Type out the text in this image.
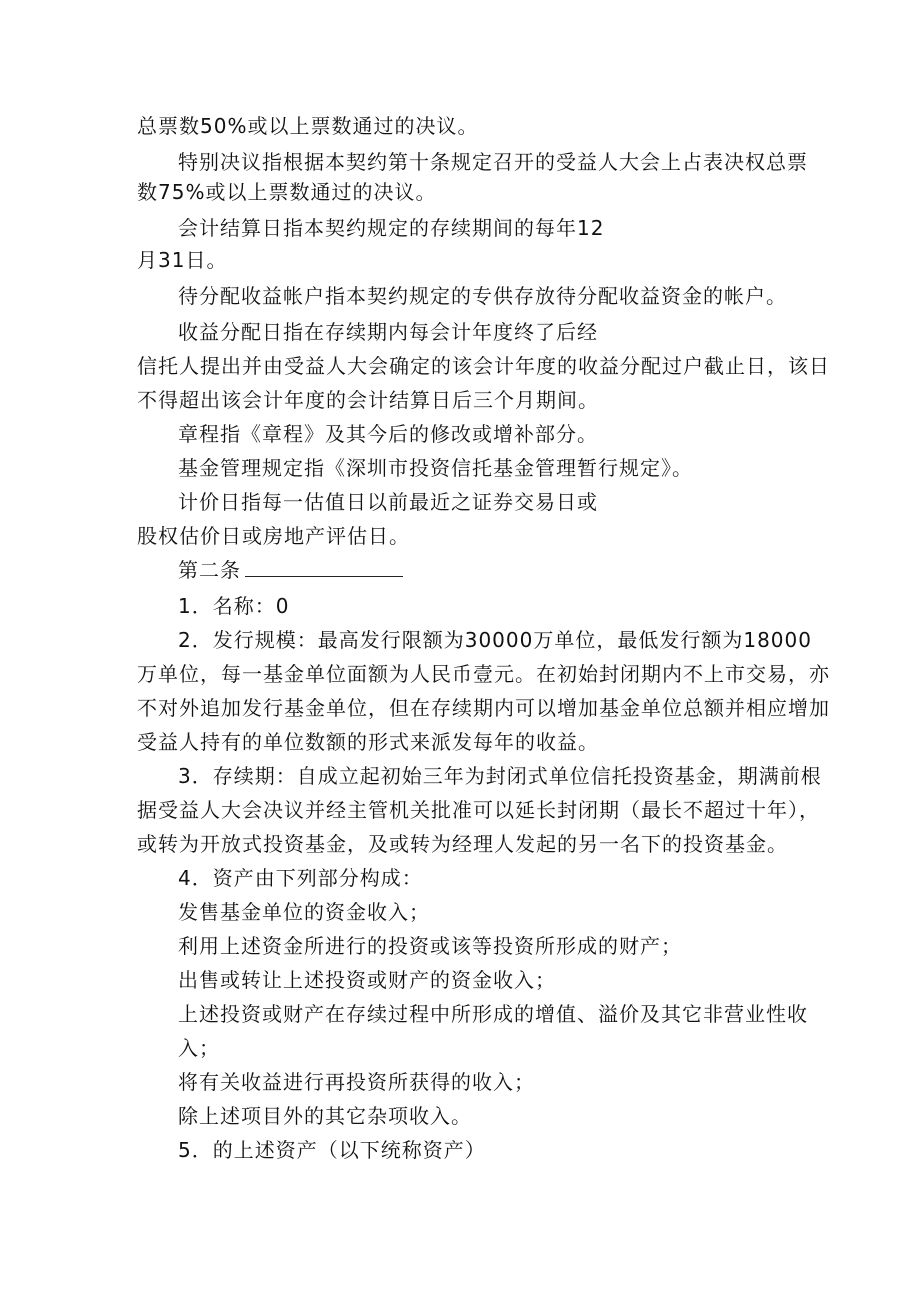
总票数50%或以上票数通过的决议。
特别决议指根据本契约第十条规定召开的受益人大会上占表决权总票
数75%或以上票数通过的决议。
会计结算日指本契约规定的存续期间的每年12
月31日。
待分配收益帐户指本契约规定的专供存放待分配收益资金的帐户。
收益分配日指在存续期内每会计年度终了后经
信托人提出并由受益人大会确定的该会计年度的收益分配过户截止日，该日
不得超出该会计年度的会计结算日后三个月期间。
章程指《章程》及其今后的修改或增补部分。
基金管理规定指《深圳市投资信托基金管理暂行规定》。
计价日指每一估值日以前最近之证券交易日或
股权估价日或房地产评估日。
第二条
1．名称：0
2．发行规模：最高发行限额为30000万单位，最低发行额为18000
万单位，每一基金单位面额为人民币壹元。在初始封闭期内不上市交易，亦
不对外追加发行基金单位，但在存续期内可以增加基金单位总额并相应增加
受益人持有的单位数额的形式来派发每年的收益。
3．存续期：自成立起初始三年为封闭式单位信托投资基金，期满前根
据受益人大会决议并经主管机关批准可以延长封闭期（最长不超过十年），
或转为开放式投资基金，及或转为经理人发起的另一名下的投资基金。
4．资产由下列部分构成：
发售基金单位的资金收入；
利用上述资金所进行的投资或该等投资所形成的财产；
出售或转让上述投资或财产的资金收入；
上述投资或财产在存续过程中所形成的增值、溢价及其它非营业性收
入；
将有关收益进行再投资所获得的收入；
除上述项目外的其它杂项收入。
5．的上述资产（以下统称资产）
